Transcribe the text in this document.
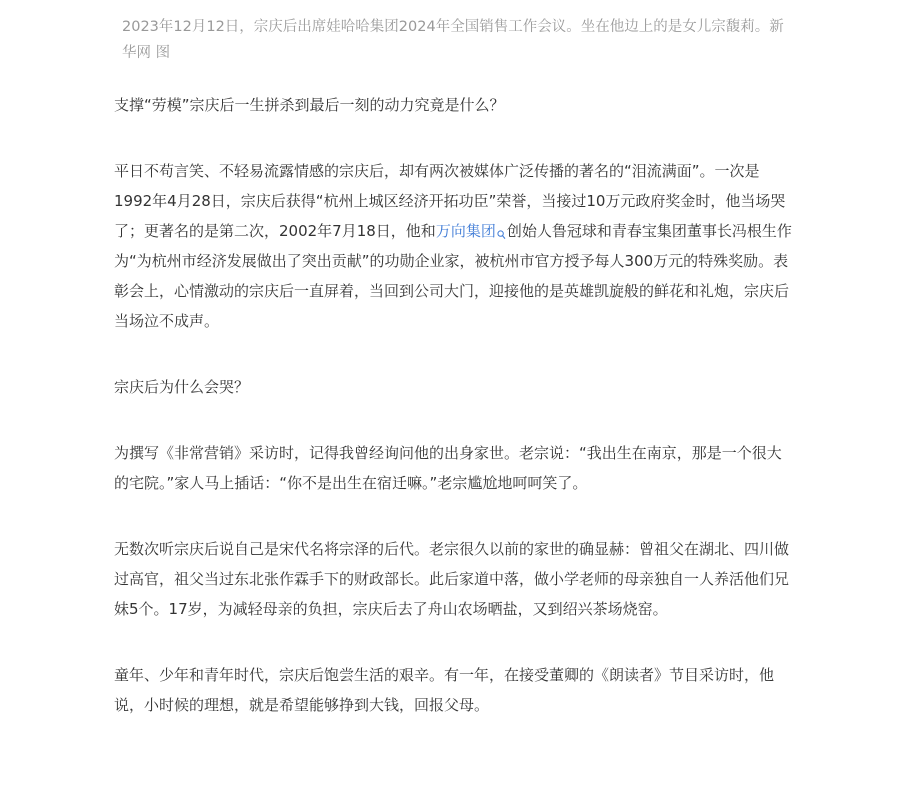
2023年12月12日，宗庆后出席娃哈哈集团2024年全国销售工作会议。坐在他边上的是女儿宗馥莉。新华网 图

支撑“劳模”宗庆后一生拼杀到最后一刻的动力究竟是什么？

平日不苟言笑、不轻易流露情感的宗庆后，却有两次被媒体广泛传播的著名的“泪流满面”。一次是1992年4月28日，宗庆后获得“杭州上城区经济开拓功臣”荣誉，当接过10万元政府奖金时，他当场哭了；更著名的是第二次，2002年7月18日，他和万向集团 创始人鲁冠球和青春宝集团董事长冯根生作为“为杭州市经济发展做出了突出贡献”的功勋企业家，被杭州市官方授予每人300万元的特殊奖励。表彰会上，心情激动的宗庆后一直屏着，当回到公司大门，迎接他的是英雄凯旋般的鲜花和礼炮，宗庆后当场泣不成声。

宗庆后为什么会哭？

为撰写《非常营销》采访时，记得我曾经询问他的出身家世。老宗说：“我出生在南京，那是一个很大的宅院。”家人马上插话：“你不是出生在宿迁嘛。”老宗尴尬地呵呵笑了。

无数次听宗庆后说自己是宋代名将宗泽的后代。老宗很久以前的家世的确显赫：曾祖父在湖北、四川做过高官，祖父当过东北张作霖手下的财政部长。此后家道中落，做小学老师的母亲独自一人养活他们兄妹5个。17岁，为减轻母亲的负担，宗庆后去了舟山农场晒盐，又到绍兴茶场烧窑。

童年、少年和青年时代，宗庆后饱尝生活的艰辛。有一年，在接受董卿的《朗读者》节目采访时，他说，小时候的理想，就是希望能够挣到大钱，回报父母。
